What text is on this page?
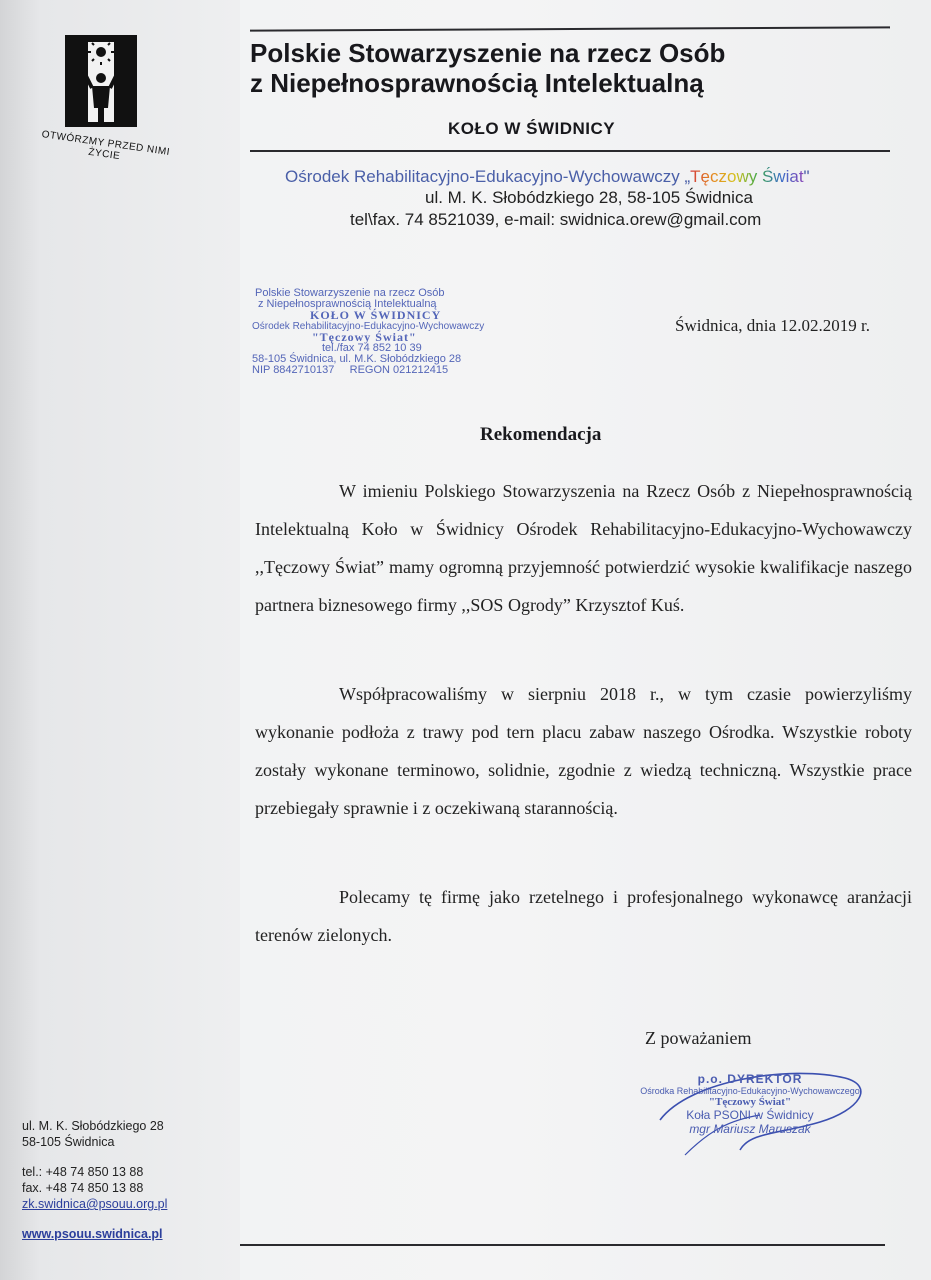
OTWÓRZMY PRZED NIMI ŻYCIE
Polskie Stowarzyszenie na rzecz Osób
z Niepełnosprawnością Intelektualną
KOŁO W ŚWIDNICY
Ośrodek Rehabilitacyjno-Edukacyjno-Wychowawczy „Tęczowy Świat"
ul. M. K. Słobódzkiego 28, 58-105 Świdnica
tel\fax. 74 8521039, e-mail: swidnica.orew@gmail.com
Polskie Stowarzyszenie na rzecz Osób
z Niepełnosprawnością Intelektualną
KOŁO W ŚWIDNICY
Ośrodek Rehabilitacyjno-Edukacyjno-Wychowawczy
"Tęczowy Świat"
tel./fax 74 852 10 39
58-105 Świdnica, ul. M.K. Słobódzkiego 28
NIP 8842710137     REGON 021212415
Świdnica, dnia 12.02.2019 r.
Rekomendacja
W imieniu Polskiego Stowarzyszenia na Rzecz Osób z Niepełnosprawnością Intelektualną Koło w Świdnicy Ośrodek Rehabilitacyjno-Edukacyjno-Wychowawczy ,,Tęczowy Świat” mamy ogromną przyjemność potwierdzić wysokie kwalifikacje naszego partnera biznesowego firmy ,,SOS Ogrody” Krzysztof Kuś.
Współpracowaliśmy w sierpniu 2018 r., w tym czasie powierzyliśmy wykonanie podłoża z trawy pod tern placu zabaw naszego Ośrodka. Wszystkie roboty zostały wykonane terminowo, solidnie, zgodnie z wiedzą techniczną. Wszystkie prace przebiegały sprawnie i z oczekiwaną starannością.
Polecamy tę firmę jako rzetelnego i profesjonalnego wykonawcę aranżacji terenów zielonych.
Z poważaniem
p.o. DYREKTOR
Ośrodka Rehabilitacyjno-Edukacyjno-Wychowawczego
"Tęczowy Świat"
Koła PSONI w Świdnicy
mgr Mariusz Maruszak
ul. M. K. Słobódzkiego 28
58-105 Świdnica
tel.: +48 74 850 13 88
fax. +48 74 850 13 88
zk.swidnica@psouu.org.pl
www.psouu.swidnica.pl
